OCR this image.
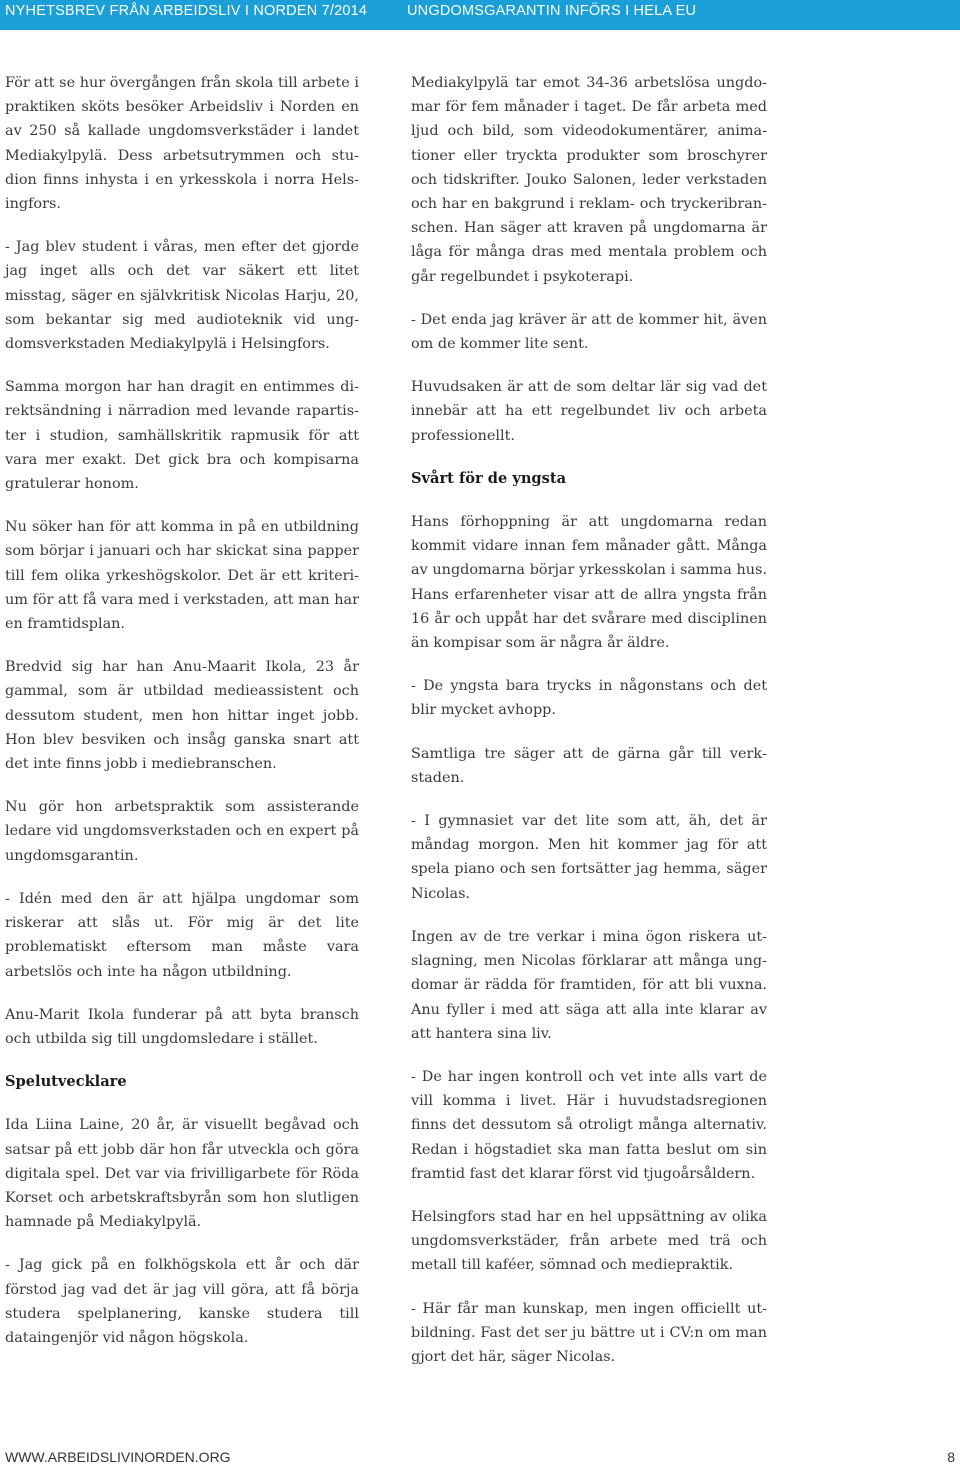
NYHETSBREV FRÅN ARBEIDSLIV I NORDEN 7/2014	UNGDOMSGARANTIN INFÖRS I HELA EU

För att se hur övergången från skola till arbete i praktiken sköts besöker Arbeidsliv i Norden en av 250 så kallade ungdomsverkstäder i landet Mediakylpylä. Dess arbetsutrymmen och studion finns inhysta i en yrkesskola i norra Helsingfors.

- Jag blev student i våras, men efter det gjorde jag inget alls och det var säkert ett litet misstag, säger en självkritisk Nicolas Harju, 20, som bekantar sig med audioteknik vid ungdomsverkstaden Mediakylpylä i Helsingfors.

Samma morgon har han dragit en entimmes direktsändning i närradion med levande rapartister i studion, samhällskritik rapmusik för att vara mer exakt. Det gick bra och kompisarna gratulerar honom.

Nu söker han för att komma in på en utbildning som börjar i januari och har skickat sina papper till fem olika yrkeshögskolor. Det är ett kriterium för att få vara med i verkstaden, att man har en framtidsplan.

Bredvid sig har han Anu-Maarit Ikola, 23 år gammal, som är utbildad medieassistent och dessutom student, men hon hittar inget jobb. Hon blev besviken och insåg ganska snart att det inte finns jobb i mediebranschen.

Nu gör hon arbetspraktik som assisterande ledare vid ungdomsverkstaden och en expert på ungdomsgarantin.

- Idén med den är att hjälpa ungdomar som riskerar att slås ut. För mig är det lite problematiskt eftersom man måste vara arbetslös och inte ha någon utbildning.

Anu-Marit Ikola funderar på att byta bransch och utbilda sig till ungdomsledare i stället.

Spelutvecklare

Ida Liina Laine, 20 år, är visuellt begåvad och satsar på ett jobb där hon får utveckla och göra digitala spel. Det var via frivilligarbete för Röda Korset och arbetskraftsbyrån som hon slutligen hamnade på Mediakylpylä.

- Jag gick på en folkhögskola ett år och där förstod jag vad det är jag vill göra, att få börja studera spelplanering, kanske studera till dataingenjör vid någon högskola.

Mediakylpylä tar emot 34-36 arbetslösa ungdomar för fem månader i taget. De får arbeta med ljud och bild, som videodokumentärer, animationer eller tryckta produkter som broschyrer och tidskrifter. Jouko Salonen, leder verkstaden och har en bakgrund i reklam- och tryckeribranschen. Han säger att kraven på ungdomarna är låga för många dras med mentala problem och går regelbundet i psykoterapi.

- Det enda jag kräver är att de kommer hit, även om de kommer lite sent.

Huvudsaken är att de som deltar lär sig vad det innebär att ha ett regelbundet liv och arbeta professionellt.

Svårt för de yngsta

Hans förhoppning är att ungdomarna redan kommit vidare innan fem månader gått. Många av ungdomarna börjar yrkesskolan i samma hus. Hans erfarenheter visar att de allra yngsta från 16 år och uppåt har det svårare med disciplinen än kompisar som är några år äldre.

- De yngsta bara trycks in någonstans och det blir mycket avhopp.

Samtliga tre säger att de gärna går till verkstaden.

- I gymnasiet var det lite som att, äh, det är måndag morgon. Men hit kommer jag för att spela piano och sen fortsätter jag hemma, säger Nicolas.

Ingen av de tre verkar i mina ögon riskera utslagning, men Nicolas förklarar att många ungdomar är rädda för framtiden, för att bli vuxna. Anu fyller i med att säga att alla inte klarar av att hantera sina liv.

- De har ingen kontroll och vet inte alls vart de vill komma i livet. Här i huvudstadsregionen finns det dessutom så otroligt många alternativ. Redan i högstadiet ska man fatta beslut om sin framtid fast det klarar först vid tjugoårsåldern.

Helsingfors stad har en hel uppsättning av olika ungdomsverkstäder, från arbete med trä och metall till kaféer, sömnad och mediepraktik.

- Här får man kunskap, men ingen officiellt utbildning. Fast det ser ju bättre ut i CV:n om man gjort det här, säger Nicolas.

WWW.ARBEIDSLIVINORDEN.ORG	8
